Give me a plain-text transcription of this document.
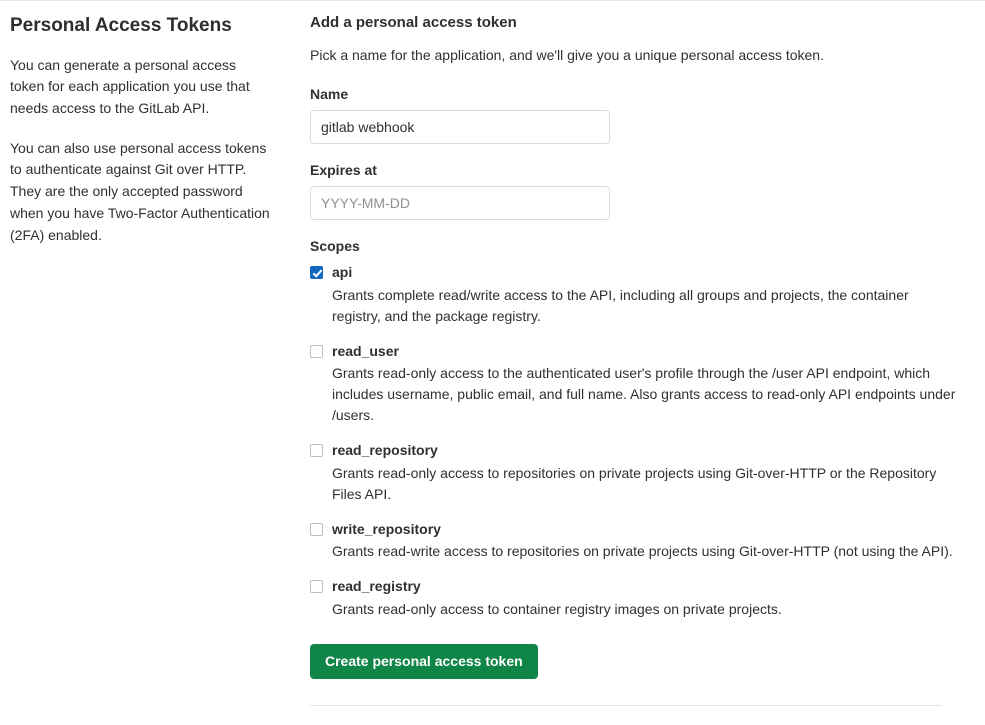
Personal Access Tokens

You can generate a personal access token for each application you use that needs access to the GitLab API.

You can also use personal access tokens to authenticate against Git over HTTP. They are the only accepted password when you have Two-Factor Authentication (2FA) enabled.

Add a personal access token
Pick a name for the application, and we'll give you a unique personal access token.
Name
gitlab webhook
Expires at
YYYY-MM-DD
Scopes
api
Grants complete read/write access to the API, including all groups and projects, the container registry, and the package registry.
read_user
Grants read-only access to the authenticated user's profile through the /user API endpoint, which includes username, public email, and full name. Also grants access to read-only API endpoints under /users.
read_repository
Grants read-only access to repositories on private projects using Git-over-HTTP or the Repository Files API.
write_repository
Grants read-write access to repositories on private projects using Git-over-HTTP (not using the API).
read_registry
Grants read-only access to container registry images on private projects.
Create personal access token
